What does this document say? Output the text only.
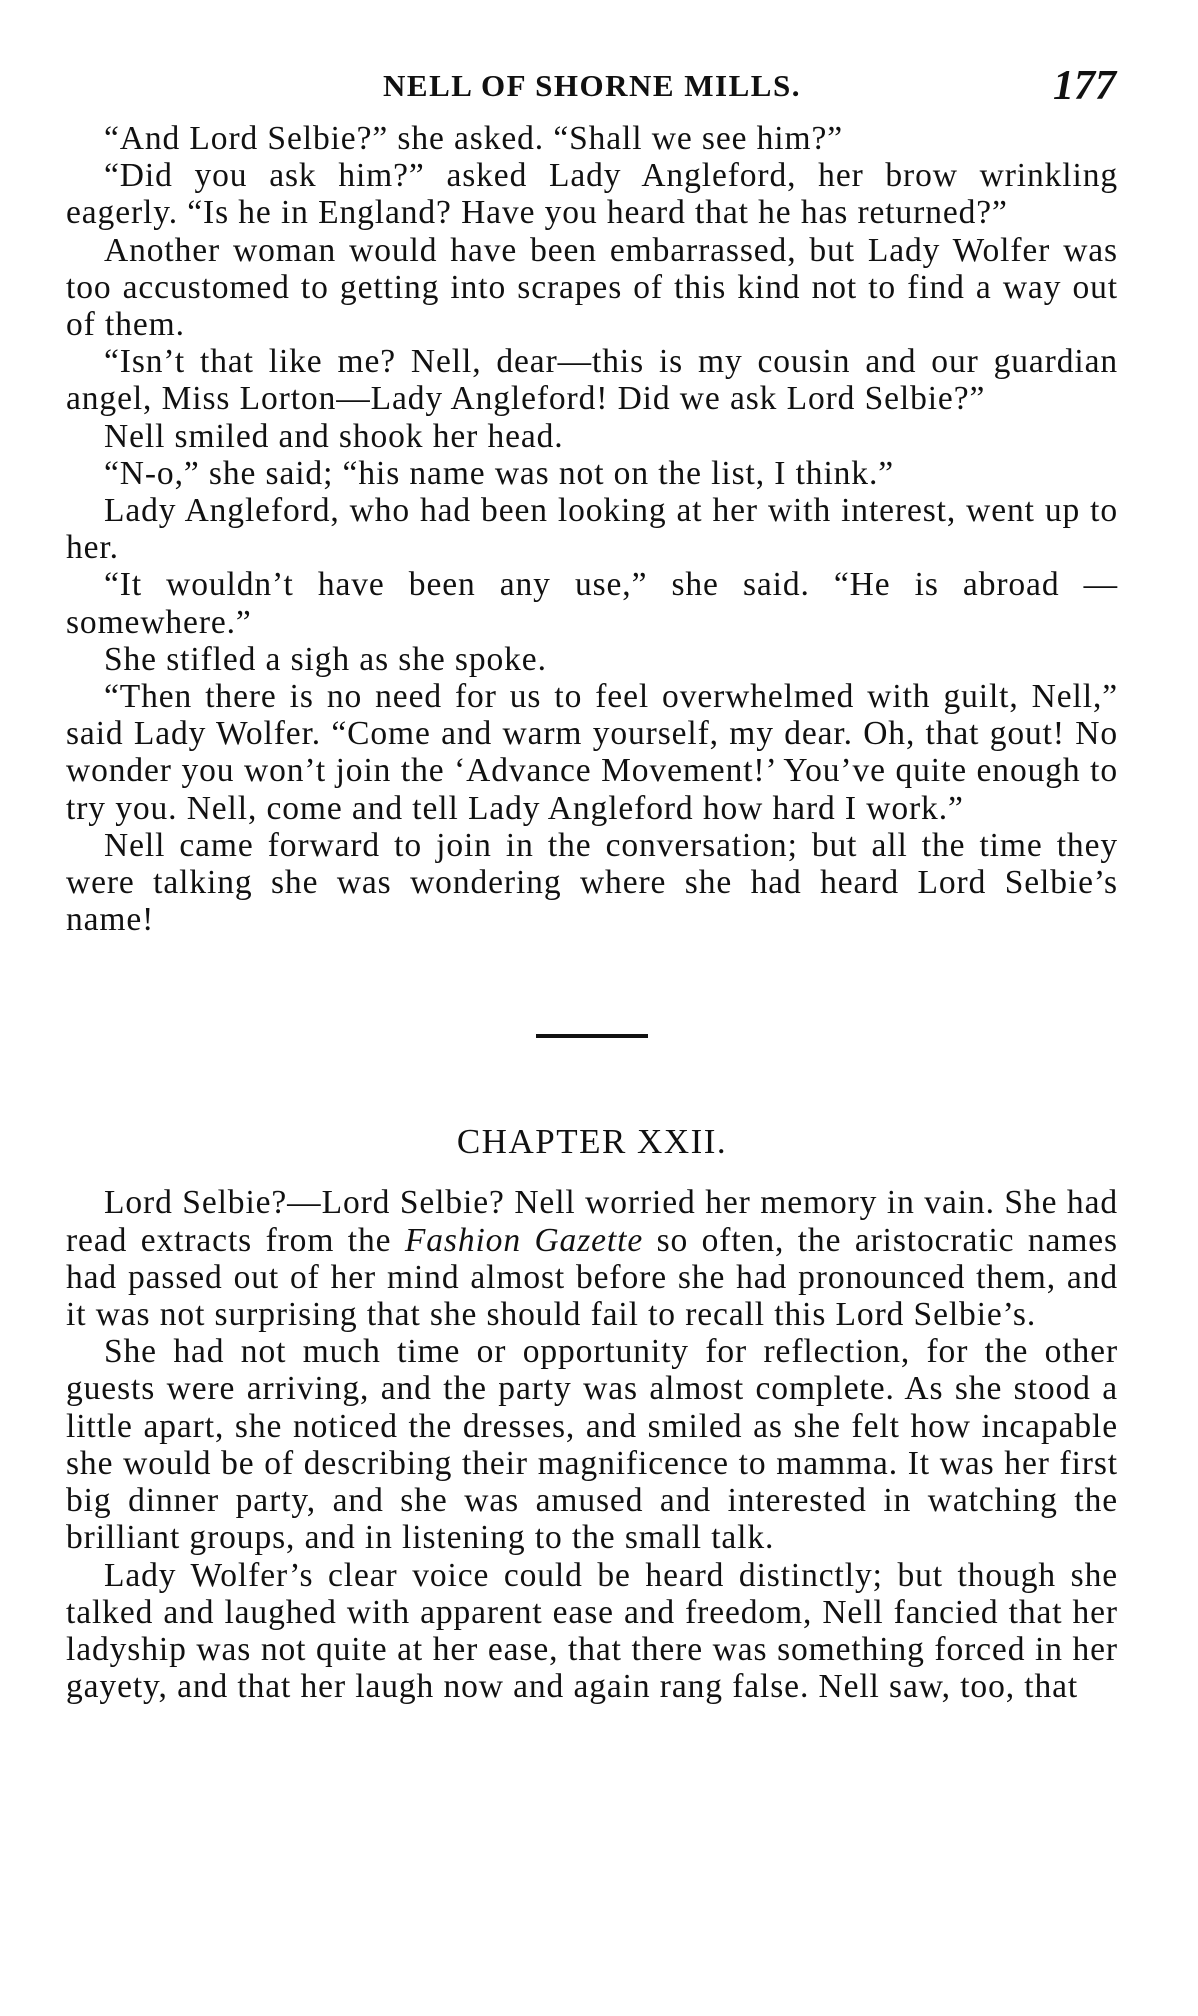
NELL OF SHORNE MILLS.	177

“And Lord Selbie?” she asked. “Shall we see him?”

“Did you ask him?” asked Lady Angleford, her brow wrinkling eagerly. “Is he in England? Have you heard that he has returned?”

Another woman would have been embarrassed, but Lady Wolfer was too accustomed to getting into scrapes of this kind not to find a way out of them.

“Isn’t that like me? Nell, dear—this is my cousin and our guardian angel, Miss Lorton—Lady Angleford! Did we ask Lord Selbie?”

Nell smiled and shook her head.

“N-o,” she said; “his name was not on the list, I think.”

Lady Angleford, who had been looking at her with interest, went up to her.

“It wouldn’t have been any use,” she said. “He is abroad —somewhere.”

She stifled a sigh as she spoke.

“Then there is no need for us to feel overwhelmed with guilt, Nell,” said Lady Wolfer. “Come and warm yourself, my dear. Oh, that gout! No wonder you won’t join the ‘Advance Movement!’ You’ve quite enough to try you. Nell, come and tell Lady Angleford how hard I work.”

Nell came forward to join in the conversation; but all the time they were talking she was wondering where she had heard Lord Selbie’s name!

CHAPTER XXII.

Lord Selbie?—Lord Selbie? Nell worried her memory in vain. She had read extracts from the Fashion Gazette so often, the aristocratic names had passed out of her mind almost before she had pronounced them, and it was not surprising that she should fail to recall this Lord Selbie’s.

She had not much time or opportunity for reflection, for the other guests were arriving, and the party was almost complete. As she stood a little apart, she noticed the dresses, and smiled as she felt how incapable she would be of describing their magnificence to mamma. It was her first big dinner party, and she was amused and interested in watching the brilliant groups, and in listening to the small talk.

Lady Wolfer’s clear voice could be heard distinctly; but though she talked and laughed with apparent ease and freedom, Nell fancied that her ladyship was not quite at her ease, that there was something forced in her gayety, and that her laugh now and again rang false. Nell saw, too, that
